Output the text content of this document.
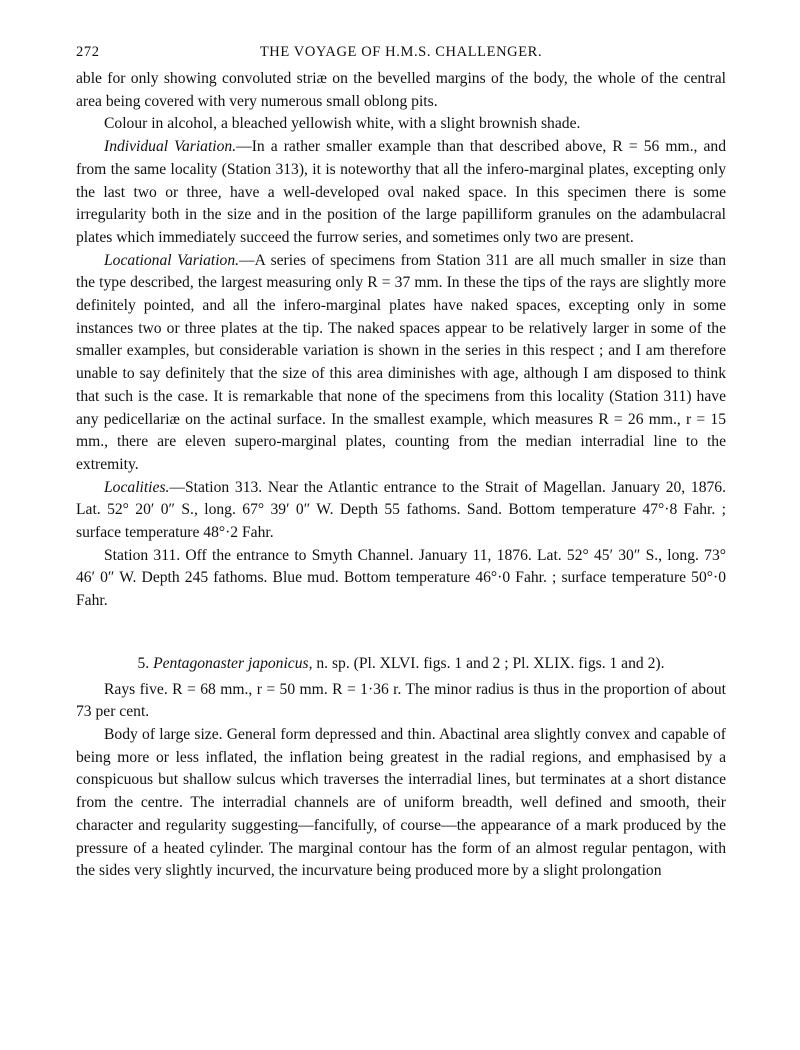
272	THE VOYAGE OF H.M.S. CHALLENGER.

able for only showing convoluted striæ on the bevelled margins of the body, the whole of the central area being covered with very numerous small oblong pits.

Colour in alcohol, a bleached yellowish white, with a slight brownish shade.

Individual Variation.—In a rather smaller example than that described above, R = 56 mm., and from the same locality (Station 313), it is noteworthy that all the infero-marginal plates, excepting only the last two or three, have a well-developed oval naked space. In this specimen there is some irregularity both in the size and in the position of the large papilliform granules on the adambulacral plates which immediately succeed the furrow series, and sometimes only two are present.

Locational Variation.—A series of specimens from Station 311 are all much smaller in size than the type described, the largest measuring only R = 37 mm. In these the tips of the rays are slightly more definitely pointed, and all the infero-marginal plates have naked spaces, excepting only in some instances two or three plates at the tip. The naked spaces appear to be relatively larger in some of the smaller examples, but considerable variation is shown in the series in this respect ; and I am therefore unable to say definitely that the size of this area diminishes with age, although I am disposed to think that such is the case. It is remarkable that none of the specimens from this locality (Station 311) have any pedicellariæ on the actinal surface. In the smallest example, which measures R = 26 mm., r = 15 mm., there are eleven supero-marginal plates, counting from the median interradial line to the extremity.

Localities.—Station 313. Near the Atlantic entrance to the Strait of Magellan. January 20, 1876. Lat. 52° 20′ 0″ S., long. 67° 39′ 0″ W. Depth 55 fathoms. Sand. Bottom temperature 47°·8 Fahr. ; surface temperature 48°·2 Fahr.

Station 311. Off the entrance to Smyth Channel. January 11, 1876. Lat. 52° 45′ 30″ S., long. 73° 46′ 0″ W. Depth 245 fathoms. Blue mud. Bottom temperature 46°·0 Fahr. ; surface temperature 50°·0 Fahr.

5. Pentagonaster japonicus, n. sp. (Pl. XLVI. figs. 1 and 2 ; Pl. XLIX. figs. 1 and 2).

Rays five. R = 68 mm., r = 50 mm. R = 1·36 r. The minor radius is thus in the proportion of about 73 per cent.

Body of large size. General form depressed and thin. Abactinal area slightly convex and capable of being more or less inflated, the inflation being greatest in the radial regions, and emphasised by a conspicuous but shallow sulcus which traverses the interradial lines, but terminates at a short distance from the centre. The interradial channels are of uniform breadth, well defined and smooth, their character and regularity suggesting—fancifully, of course—the appearance of a mark produced by the pressure of a heated cylinder. The marginal contour has the form of an almost regular pentagon, with the sides very slightly incurved, the incurvature being produced more by a slight prolongation
